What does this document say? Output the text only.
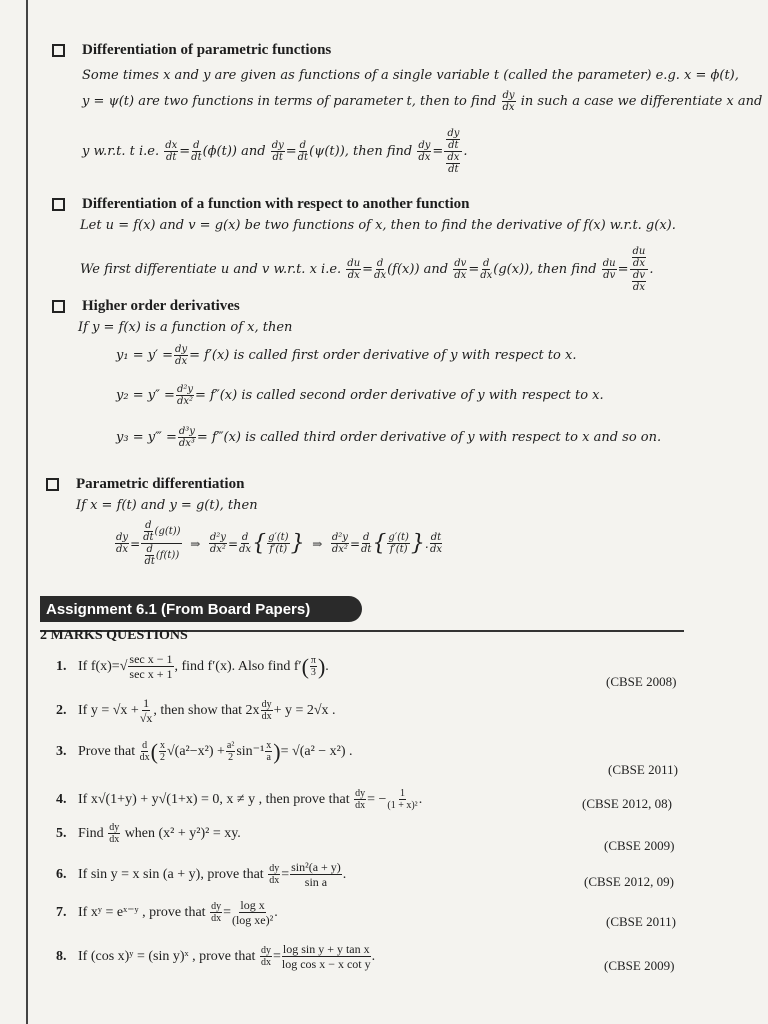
Differentiation of parametric functions
Some times x and y are given as functions of a single variable t (called the parameter) e.g. x = ϕ(t),
y = ψ(t) are two functions in terms of parameter t, then to find $\frac{dy}{dx}$ in such a case we differentiate x and
y w.r.t. t i.e.
dx
dt = d
dt (ϕ(t)) and
dy
dt = d
dt (ψ(t)), then find
dy
dx =
$\frac{dy}{dt}$
$\frac{dx}{dt}$
.
Differentiation of a function with respect to another function
Let u = f(x) and v = g(x) be two functions of x, then to find the derivative of f(x) w.r.t. g(x).
We first differentiate u and v w.r.t. x i.e.
du
dx = d
dx (f(x)) and
dv
dx = d
dx (g(x)), then find
du
dv =
$\frac{du}{dx}$
$\frac{dv}{dx}$
.
Higher order derivatives
If y = f(x) is a function of x, then
$y_1 = y' = \frac{dy}{dx} = f'(x)$ is called first order derivative of y with respect to x.
$y_2 = y'' = \frac{\text{d²y}}{\text{dx²}} = f''(x)$ is called second order derivative of y with respect to x.
y₃ = y‴ = $\frac{\text{d³y}}{\text{dx³}}$ = f‴(x) is called third order derivative of y with respect to x and so on.
Parametric differentiation
If x = f(t) and y = g(t), then
dy
dx =
$\frac{d}{dt} (g(t))$
$\frac{d}{dt} (f(t))$
⇒ d²y
dx² = d
dx { g′(t)
f′(t) } ⇒ d²y
dx² = d
dt { g′(t)
f′(t) } . dt
dx
Assignment 6.1 (From Board Papers)
2 MARKS QUESTIONS
1. If f(x)= √ sec x − 1
sec x + 1
, find f′(x). Also find f′ ( π
3 ) .
(CBSE 2008)
2. If $y = √x + \frac{1}{√x}$ , then show that 2x dy
dx + y = 2√x .
3. Prove that
d
dx ( x
2 √(a²−x²) + a²
2 sin⁻¹ x
a ) = √(a² − x²) .
(CBSE 2011)
4. If x√(1+y) + y√(1+x) = 0, x ≠ y , then prove that
$\frac{dy}{dx}$ = − $\frac{1}{\text{(1 + x)²}}$ .	(CBSE 2012, 08)
5. Find
dy
dx
when (x² + y²)² = xy.
(CBSE 2009)
6. If sin y = x sin (a + y), prove that
$\frac{dy}{dx} = \frac{\text{sin²(a + y)}}{\text{sin a}}$ .	(CBSE 2012, 09)
7. If xʸ = eˣ⁻ʸ , prove that
$\frac{dy}{dx} = \frac{\text{log x}}{\text{(log xe)²}}$ .
(CBSE 2011)
8. If (cos x)ʸ = (sin y)ˣ , prove that
$\frac{dy}{dx} = \frac{\text{log sin y + y tan x}}{\text{log cos x − x cot y}}$ .
(CBSE 2009)
